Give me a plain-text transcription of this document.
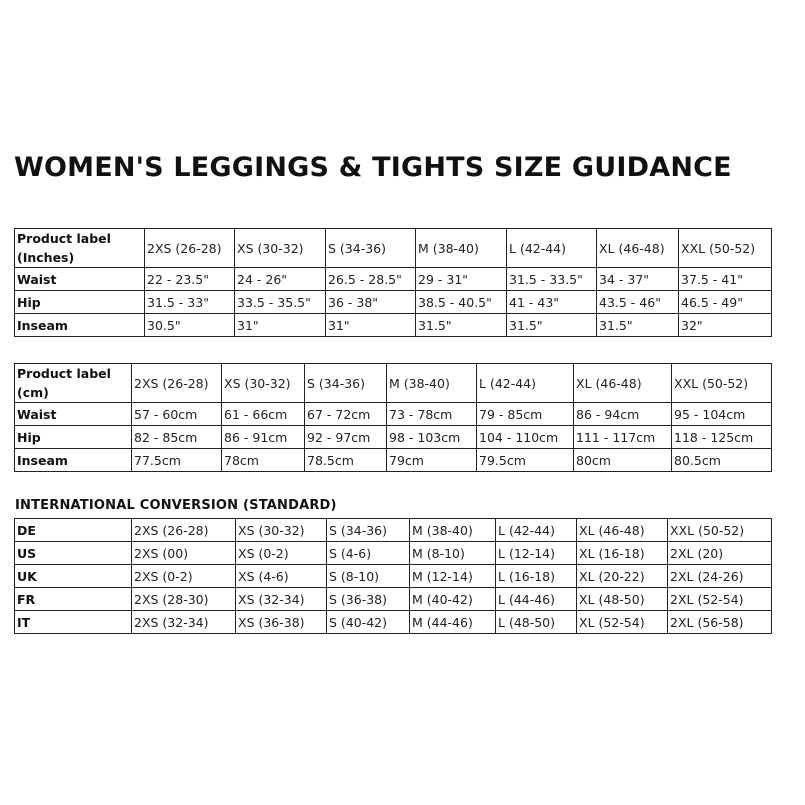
WOMEN'S LEGGINGS & TIGHTS SIZE GUIDANCE
Product label
(Inches)	2XS (26-28)	XS (30-32)	S (34-36)	M (38-40)	L (42-44)	XL (46-48)	XXL (50-52)
Waist	22 - 23.5"	24 - 26"	26.5 - 28.5"	29 - 31"	31.5 - 33.5"	34 - 37"	37.5 - 41"
Hip	31.5 - 33"	33.5 - 35.5"	36 - 38"	38.5 - 40.5"	41 - 43"	43.5 - 46"	46.5 - 49"
Inseam	30.5"	31"	31"	31.5"	31.5"	31.5"	32"
Product label
(cm)	2XS (26-28)	XS (30-32)	S (34-36)	M (38-40)	L (42-44)	XL (46-48)	XXL (50-52)
Waist	57 - 60cm	61 - 66cm	67 - 72cm	73 - 78cm	79 - 85cm	86 - 94cm	95 - 104cm
Hip	82 - 85cm	86 - 91cm	92 - 97cm	98 - 103cm	104 - 110cm	111 - 117cm	118 - 125cm
Inseam	77.5cm	78cm	78.5cm	79cm	79.5cm	80cm	80.5cm
INTERNATIONAL CONVERSION (STANDARD)
DE	2XS (26-28)	XS (30-32)	S (34-36)	M (38-40)	L (42-44)	XL (46-48)	XXL (50-52)
US	2XS (00)	XS (0-2)	S (4-6)	M (8-10)	L (12-14)	XL (16-18)	2XL (20)
UK	2XS (0-2)	XS (4-6)	S (8-10)	M (12-14)	L (16-18)	XL (20-22)	2XL (24-26)
FR	2XS (28-30)	XS (32-34)	S (36-38)	M (40-42)	L (44-46)	XL (48-50)	2XL (52-54)
IT	2XS (32-34)	XS (36-38)	S (40-42)	M (44-46)	L (48-50)	XL (52-54)	2XL (56-58)
